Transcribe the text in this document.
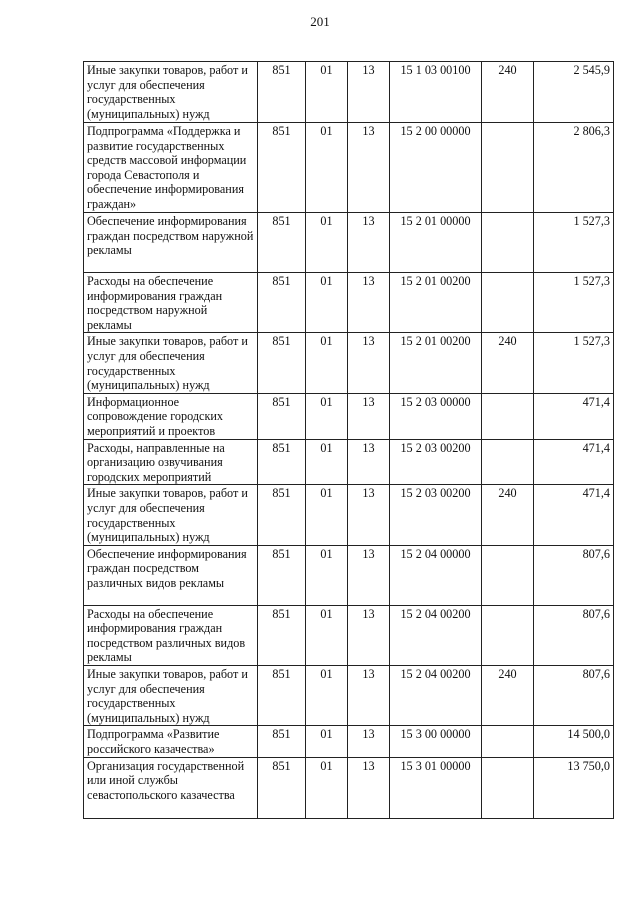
201
Иные закупки товаров, работ и услуг для обеспечения государственных (муниципальных) нужд	851	01	13	15 1 03 00100	240	2 545,9
Подпрограмма «Поддержка и развитие государственных средств массовой информации города Севастополя и обеспечение информирования граждан»	851	01	13	15 2 00 00000		2 806,3
Обеспечение информирования граждан посредством наружной рекламы	851	01	13	15 2 01 00000		1 527,3
Расходы на обеспечение информирования граждан посредством наружной рекламы	851	01	13	15 2 01 00200		1 527,3
Иные закупки товаров, работ и услуг для обеспечения государственных (муниципальных) нужд	851	01	13	15 2 01 00200	240	1 527,3
Информационное сопровождение городских мероприятий и проектов	851	01	13	15 2 03 00000		471,4
Расходы, направленные на организацию озвучивания городских мероприятий	851	01	13	15 2 03 00200		471,4
Иные закупки товаров, работ и услуг для обеспечения государственных (муниципальных) нужд	851	01	13	15 2 03 00200	240	471,4
Обеспечение информирования граждан посредством различных видов рекламы	851	01	13	15 2 04 00000		807,6
Расходы на обеспечение информирования граждан посредством различных видов рекламы	851	01	13	15 2 04 00200		807,6
Иные закупки товаров, работ и услуг для обеспечения государственных (муниципальных) нужд	851	01	13	15 2 04 00200	240	807,6
Подпрограмма «Развитие российского казачества»	851	01	13	15 3 00 00000		14 500,0
Организация государственной или иной службы севастопольского казачества	851	01	13	15 3 01 00000		13 750,0
